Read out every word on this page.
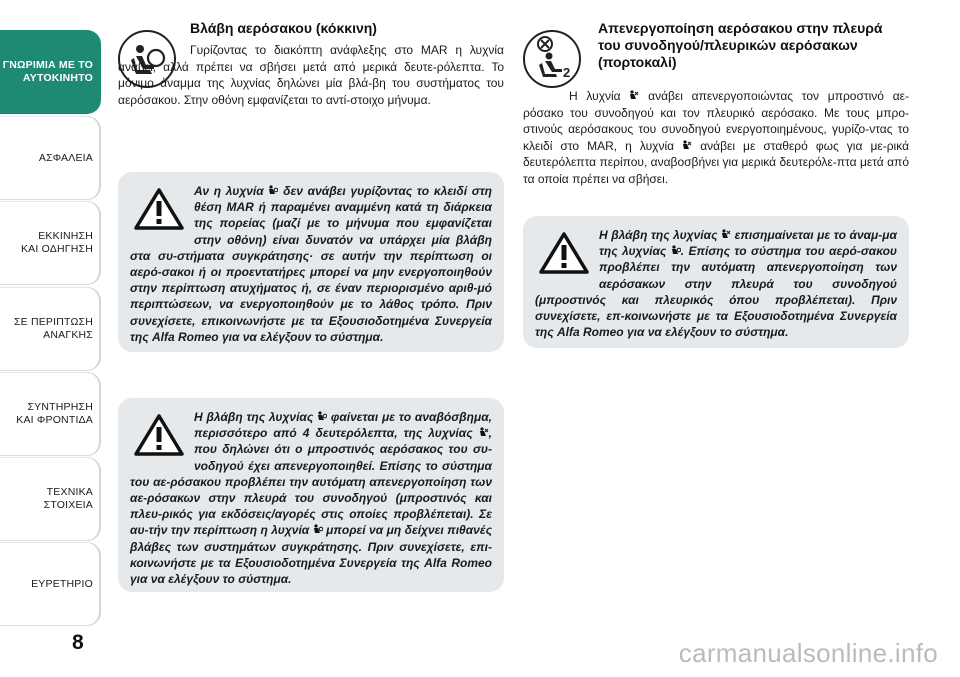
ΓΝΩΡΙΜΙΑ ΜΕ ΤΟ
ΑΥΤΟΚΙΝΗΤΟ
ΑΣΦΑΛΕΙΑ
ΕΚΚΙΝΗΣΗ
ΚΑΙ ΟΔΗΓΗΣΗ
ΣΕ ΠΕΡΙΠΤΩΣΗ
ΑΝΑΓΚΗΣ
ΣΥΝΤΗΡΗΣΗ
ΚΑΙ ΦΡΟΝΤΙΔΑ
ΤΕΧΝΙΚΑ
ΣΤΟΙΧΕΙΑ
ΕΥΡΕΤΗΡΙΟ
8
Βλάβη αερόσακου (κόκκινη)
Γυρίζοντας το διακόπτη ανάφλεξης στο MAR η λυχνία ανάβει, αλλά πρέπει να σβήσει μετά από μερικά δευτε-ρόλεπτα. Το μόνιμο άναμμα της λυχνίας δηλώνει μία βλά-βη του συστήματος του αερόσακου. Στην οθόνη εμφανίζεται το αντί-στοιχο μήνυμα.
Αν η λυχνία δεν ανάβει γυρίζοντας το κλειδί στη θέση MAR ή παραμένει αναμμένη κατά τη διάρκεια της πορείας (μαζί με το μήνυμα που εμφανίζεται στην οθόνη) είναι δυνατόν να υπάρχει μία βλάβη στα συ-στήματα συγκράτησης· σε αυτήν την περίπτωση οι αερό-σακοι ή οι προεντατήρες μπορεί να μην ενεργοποιηθούν στην περίπτωση ατυχήματος ή, σε έναν περιορισμένο αριθ-μό περιπτώσεων, να ενεργοποιηθούν με το λάθος τρόπο. Πριν συνεχίσετε, επικοινωνήστε με τα Εξουσιοδοτημένα Συνεργεία της Alfa Romeo για να ελέγξουν το σύστημα.
Η βλάβη της λυχνίας φαίνεται με το αναβόσβημα, περισσότερο από 4 δευτερόλεπτα, της λυχνίας , που δηλώνει ότι ο μπροστινός αερόσακος του συ-νοδηγού έχει απενεργοποιηθεί. Επίσης το σύστημα του αε-ρόσακου προβλέπει την αυτόματη απενεργοποίηση των αε-ρόσακων στην πλευρά του συνοδηγού (μπροστινός και πλευ-ρικός για εκδόσεις/αγορές στις οποίες προβλέπεται). Σε αυ-τήν την περίπτωση η λυχνία μπορεί να μη δείχνει πιθανές βλάβες των συστημάτων συγκράτησης. Πριν συνεχίσετε, επι-κοινωνήστε με τα Εξουσιοδοτημένα Συνεργεία της Alfa Romeo για να ελέγξουν το σύστημα.
2
Απενεργοποίηση αερόσακου στην πλευρά
του συνοδηγού/πλευρικών αερόσακων
(πορτοκαλί)
Η λυχνία ανάβει απενεργοποιώντας τον μπροστινό αε-ρόσακο του συνοδηγού και τον πλευρικό αερόσακο. Με τους μπρο-στινούς αερόσακους του συνοδηγού ενεργοποιημένους, γυρίζο-ντας το κλειδί στο MAR, η λυχνία ανάβει με σταθερό φως για με-ρικά δευτερόλεπτα περίπου, αναβοσβήνει για μερικά δευτερόλε-πτα μετά από τα οποία πρέπει να σβήσει.
Η βλάβη της λυχνίας επισημαίνεται με το άναμ-μα της λυχνίας . Επίσης το σύστημα του αερό-σακου προβλέπει την αυτόματη απενεργοποίηση των αερόσακων στην πλευρά του συνοδηγού (μπροστινός και πλευρικός όπου προβλέπεται). Πριν συνεχίσετε, επ-κοινωνήστε με τα Εξουσιοδοτημένα Συνεργεία της Alfa Romeo για να ελέγξουν το σύστημα.
carmanualsonline.info
